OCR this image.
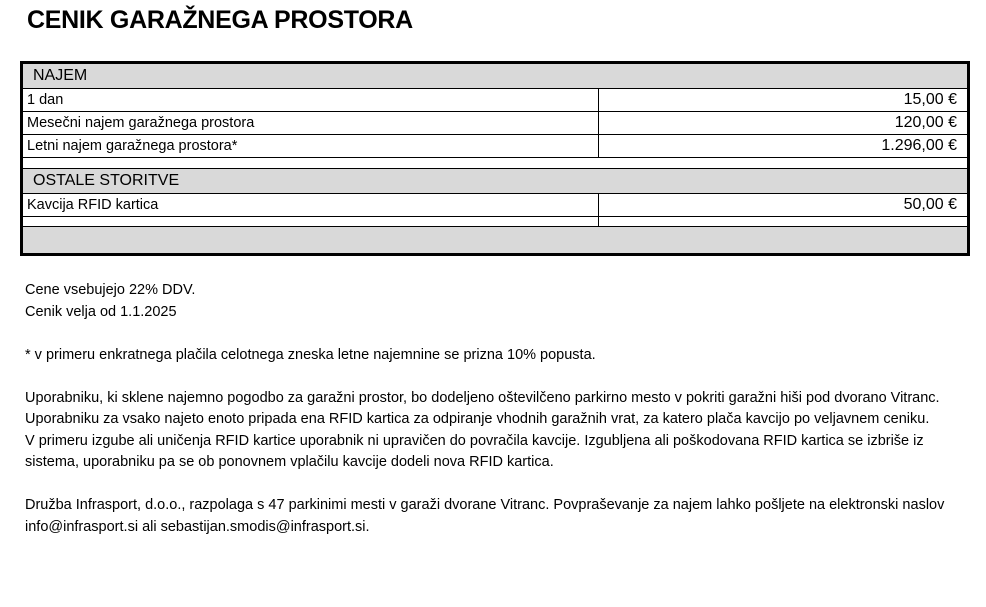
CENIK GARAŽNEGA PROSTORA
NAJEM	
1 dan	15,00 €
Mesečni najem garažnega prostora	120,00 €
Letni najem garažnega prostora*	1.296,00 €

OSTALE STORITVE	
Kavcija RFID kartica	50,00 €

Cene vsebujejo 22% DDV.

Cenik velja od 1.1.2025

* v primeru enkratnega plačila celotnega zneska letne najemnine se prizna 10% popusta.

Uporabniku, ki sklene najemno pogodbo za garažni prostor, bo dodeljeno oštevilčeno parkirno mesto v pokriti garažni hiši pod dvorano Vitranc.

Uporabniku za vsako najeto enoto pripada ena RFID kartica za odpiranje vhodnih garažnih vrat, za katero plača kavcijo po veljavnem ceniku.

V primeru izgube ali uničenja RFID kartice uporabnik ni upravičen do povračila kavcije. Izgubljena ali poškodovana RFID kartica se izbriše iz sistema, uporabniku pa se ob ponovnem vplačilu kavcije dodeli nova RFID kartica.

Družba Infrasport, d.o.o., razpolaga s 47 parkinimi mesti v garaži dvorane Vitranc. Povpraševanje za najem lahko pošljete na elektronski naslov info@infrasport.si ali sebastijan.smodis@infrasport.si.
